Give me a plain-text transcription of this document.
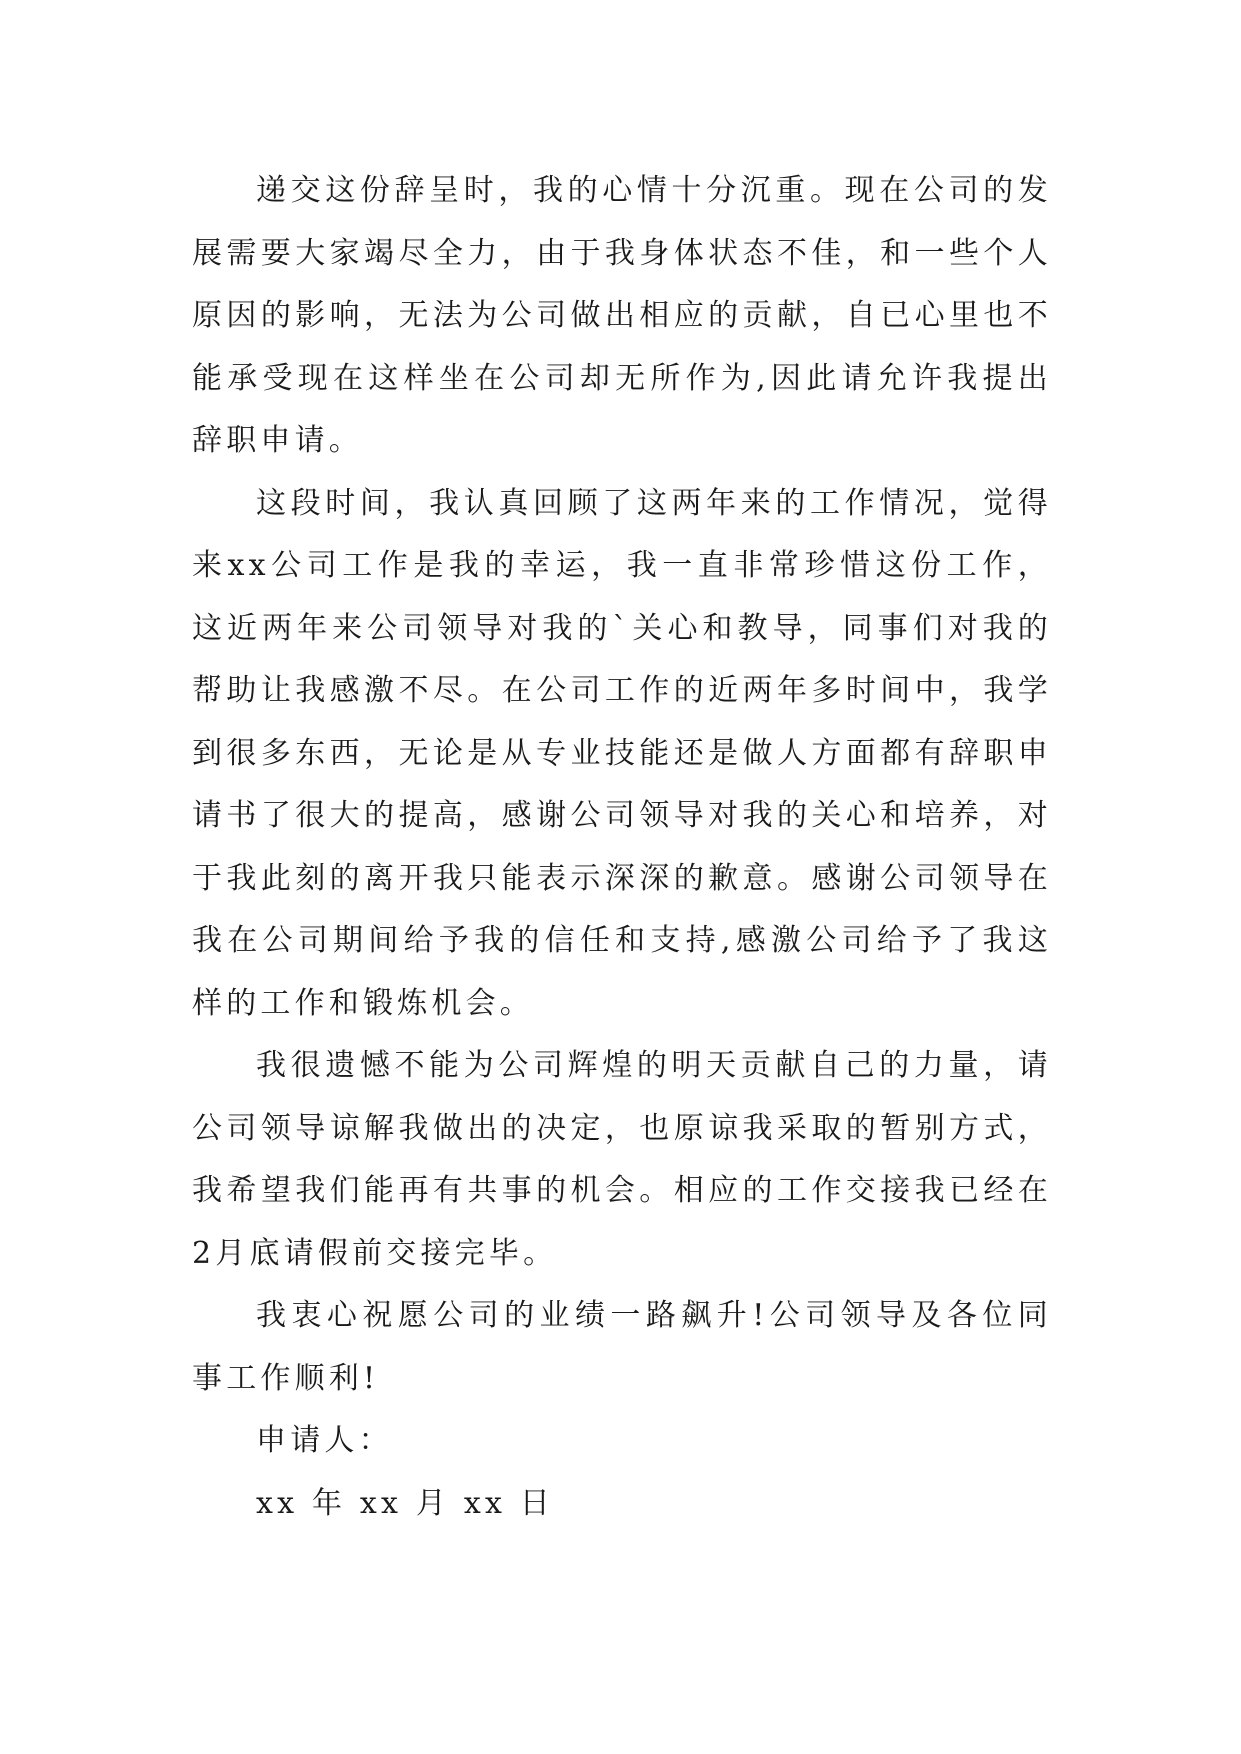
递交这份辞呈时，我的心情十分沉重。现在公司的发展需要大家竭尽全力，由于我身体状态不佳，和一些个人原因的影响，无法为公司做出相应的贡献，自已心里也不能承受现在这样坐在公司却无所作为,因此请允许我提出辞职申请。

这段时间，我认真回顾了这两年来的工作情况，觉得来xx公司工作是我的幸运，我一直非常珍惜这份工作，这近两年来公司领导对我的`关心和教导，同事们对我的帮助让我感激不尽。在公司工作的近两年多时间中，我学到很多东西，无论是从专业技能还是做人方面都有辞职申请书了很大的提高，感谢公司领导对我的关心和培养，对于我此刻的离开我只能表示深深的歉意。感谢公司领导在我在公司期间给予我的信任和支持,感激公司给予了我这样的工作和锻炼机会。

我很遗憾不能为公司辉煌的明天贡献自己的力量，请公司领导谅解我做出的决定，也原谅我采取的暂别方式，我希望我们能再有共事的机会。相应的工作交接我已经在2月底请假前交接完毕。

我衷心祝愿公司的业绩一路飙升!公司领导及各位同事工作顺利!

申请人：

xx 年 xx 月 xx 日
